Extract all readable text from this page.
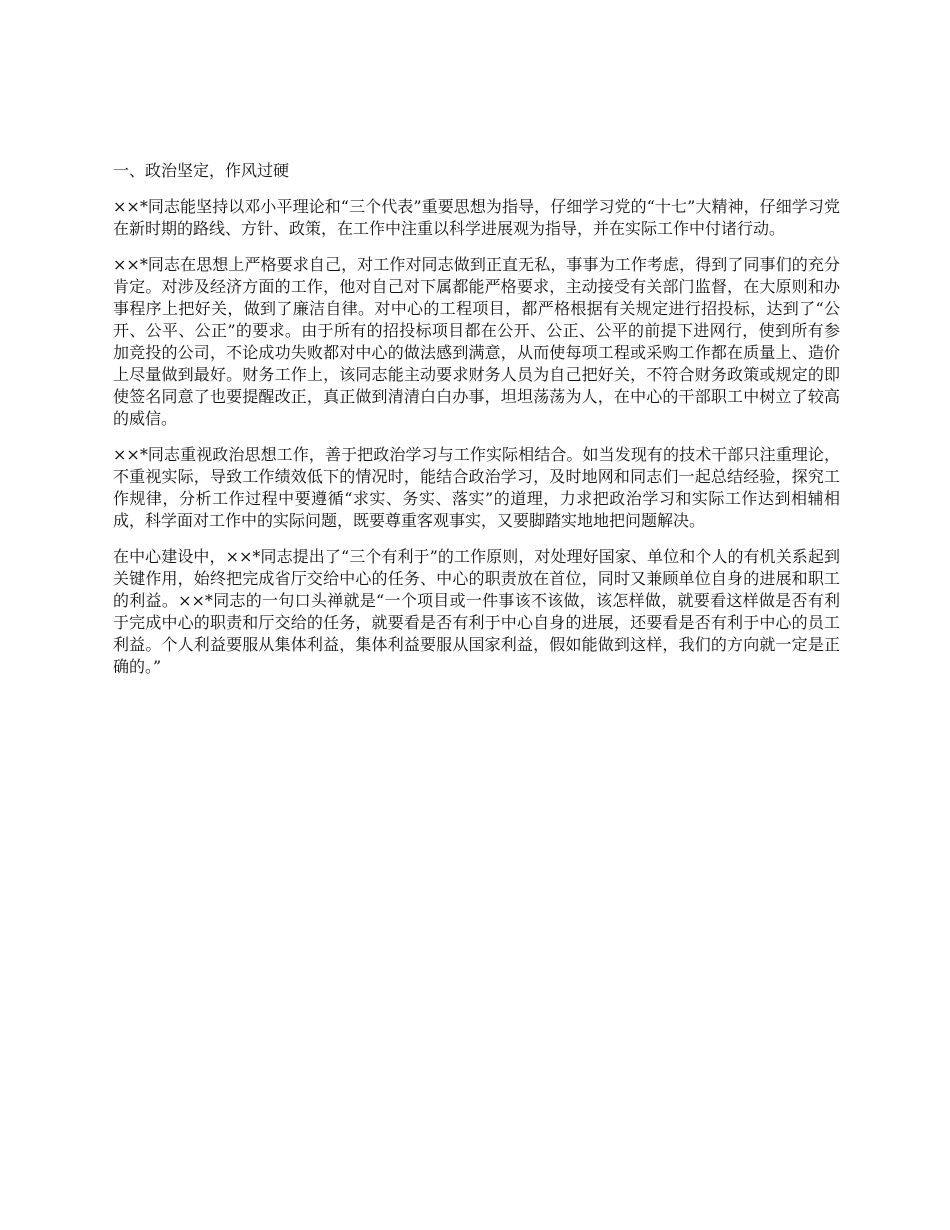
一、政治坚定，作风过硬

××*同志能坚持以邓小平理论和“三个代表”重要思想为指导，仔细学习党的“十七”大精神，仔细学习党在新时期的路线、方针、政策，在工作中注重以科学进展观为指导，并在实际工作中付诸行动。

××*同志在思想上严格要求自己，对工作对同志做到正直无私，事事为工作考虑，得到了同事们的充分肯定。对涉及经济方面的工作，他对自己对下属都能严格要求，主动接受有关部门监督，在大原则和办事程序上把好关，做到了廉洁自律。对中心的工程项目，都严格根据有关规定进行招投标，达到了“公开、公平、公正”的要求。由于所有的招投标项目都在公开、公正、公平的前提下进网行，使到所有参加竞投的公司，不论成功失败都对中心的做法感到满意，从而使每项工程或采购工作都在质量上、造价上尽量做到最好。财务工作上，该同志能主动要求财务人员为自己把好关，不符合财务政策或规定的即使签名同意了也要提醒改正，真正做到清清白白办事，坦坦荡荡为人，在中心的干部职工中树立了较高的威信。

××*同志重视政治思想工作，善于把政治学习与工作实际相结合。如当发现有的技术干部只注重理论，不重视实际，导致工作绩效低下的情况时，能结合政治学习，及时地网和同志们一起总结经验，探究工作规律，分析工作过程中要遵循“求实、务实、落实”的道理，力求把政治学习和实际工作达到相辅相成，科学面对工作中的实际问题，既要尊重客观事实，又要脚踏实地地把问题解决。

在中心建设中，××*同志提出了“三个有利于”的工作原则，对处理好国家、单位和个人的有机关系起到关键作用，始终把完成省厅交给中心的任务、中心的职责放在首位，同时又兼顾单位自身的进展和职工的利益。××*同志的一句口头禅就是“一个项目或一件事该不该做，该怎样做，就要看这样做是否有利于完成中心的职责和厅交给的任务，就要看是否有利于中心自身的进展，还要看是否有利于中心的员工利益。个人利益要服从集体利益，集体利益要服从国家利益，假如能做到这样，我们的方向就一定是正确的。”
